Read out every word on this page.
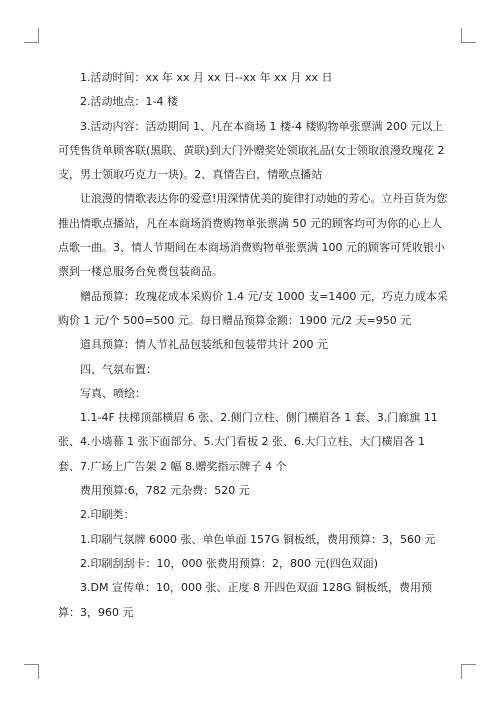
1.活动时间：xx 年 xx 月 xx 日--xx 年 xx 月 xx 日

2.活动地点：1-4 楼

3.活动内容：活动期间 1、凡在本商场 1 楼-4 楼购物单张票满 200 元以上可凭售货单顾客联(黑联、黄联)到大门外赠奖处领取礼品(女士领取浪漫玫瑰花 2 支，男士领取巧克力一块)。2、真情告白，情歌点播站

让浪漫的情歌表达你的爱意!用深情优美的旋律打动她的芳心。立丹百货为您推出情歌点播站，凡在本商场消费购物单张票满 50 元的顾客均可为你的心上人点歌一曲。3、情人节期间在本商场消费购物单张票满 100 元的顾客可凭收银小票到一楼总服务台免费包装商品。

赠品预算：玫瑰花成本采购价 1.4 元/支 1000 支=1400 元，巧克力成本采购价 1 元/个 500=500 元。每日赠品预算金额：1900 元/2 天=950 元

道具预算：情人节礼品包装纸和包装带共计 200 元

四、气氛布置：

写真、喷绘：

1.1-4F 扶梯顶部横眉 6 张、2.侧门立柱、侧门横眉各 1 套、3.门廊旗 11 张、4.小墙幕 1 张下面部分、5.大门看板 2 张、6.大门立柱、大门横眉各 1 套、7.广场上广告架 2 幅 8.赠奖指示牌子 4 个

费用预算:6，782 元杂费：520 元

2.印刷类：

1.印刷气氛牌 6000 张、单色单面 157G 铜板纸，费用预算：3，560 元

2.印刷刮刮卡：10，000 张费用预算：2，800 元(四色双面)

3.DM 宣传单：10，000 张、正度 8 开四色双面 128G 铜板纸，费用预算：3，960 元
